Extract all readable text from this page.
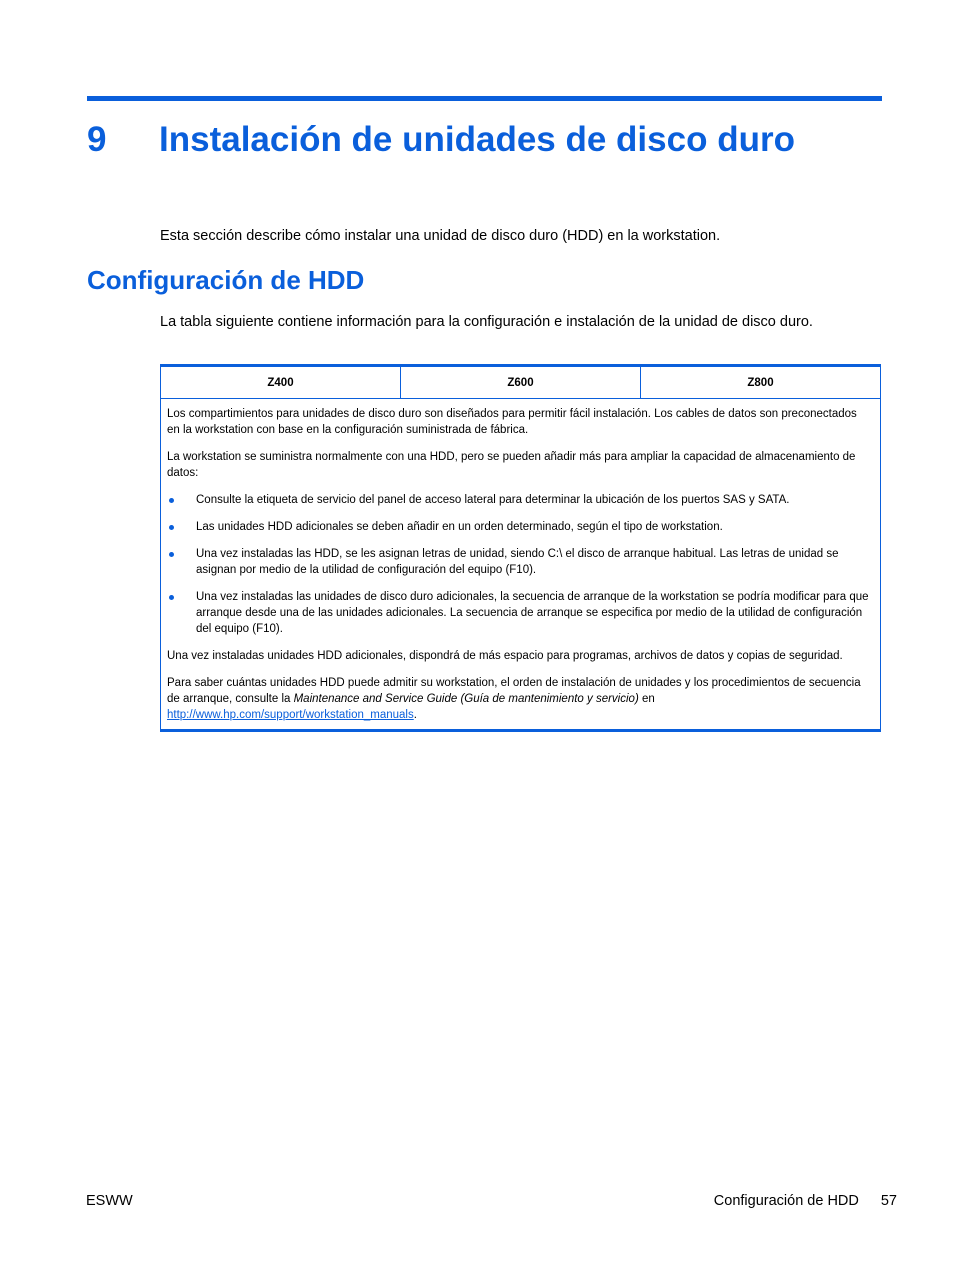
9 Instalación de unidades de disco duro

Esta sección describe cómo instalar una unidad de disco duro (HDD) en la workstation.

Configuración de HDD

La tabla siguiente contiene información para la configuración e instalación de la unidad de disco duro.

Z400	Z600	Z800

Los compartimientos para unidades de disco duro son diseñados para permitir fácil instalación. Los cables de datos son preconectados en la workstation con base en la configuración suministrada de fábrica.

La workstation se suministra normalmente con una HDD, pero se pueden añadir más para ampliar la capacidad de almacenamiento de datos:

Consulte la etiqueta de servicio del panel de acceso lateral para determinar la ubicación de los puertos SAS y SATA.
Las unidades HDD adicionales se deben añadir en un orden determinado, según el tipo de workstation.
Una vez instaladas las HDD, se les asignan letras de unidad, siendo C:\ el disco de arranque habitual. Las letras de unidad se asignan por medio de la utilidad de configuración del equipo (F10).
Una vez instaladas las unidades de disco duro adicionales, la secuencia de arranque de la workstation se podría modificar para que arranque desde una de las unidades adicionales. La secuencia de arranque se especifica por medio de la utilidad de configuración del equipo (F10).

Una vez instaladas unidades HDD adicionales, dispondrá de más espacio para programas, archivos de datos y copias de seguridad.

Para saber cuántas unidades HDD puede admitir su workstation, el orden de instalación de unidades y los procedimientos de secuencia de arranque, consulte la Maintenance and Service Guide (Guía de mantenimiento y servicio) en http://www.hp.com/support/workstation_manuals.

ESWW	Configuración de HDD 57
